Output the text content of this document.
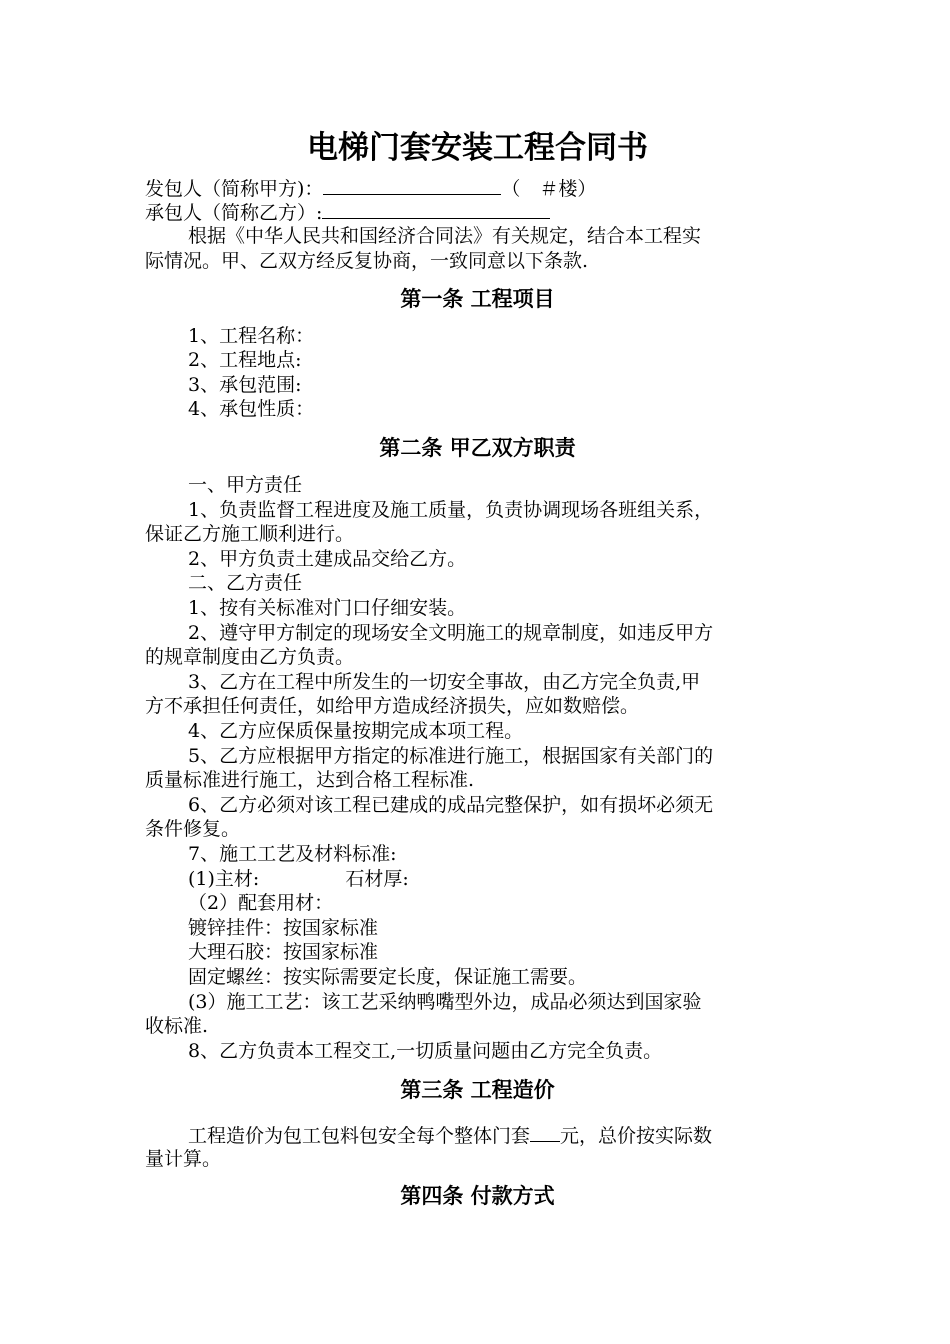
电梯门套安装工程合同书
发包人（简称甲方)：	（　＃楼）
承包人（简称乙方）:
根据《中华人民共和国经济合同法》有关规定，结合本工程实
际情况。甲、乙双方经反复协商，一致同意以下条款.
第一条 工程项目
1、工程名称：
2、工程地点:
3、承包范围:
4、承包性质：
第二条 甲乙双方职责
一、甲方责任
1、负责监督工程进度及施工质量，负责协调现场各班组关系，
保证乙方施工顺利进行。
2、甲方负责土建成品交给乙方。
二、乙方责任
1、按有关标准对门口仔细安装。
2、遵守甲方制定的现场安全文明施工的规章制度，如违反甲方
的规章制度由乙方负责。
3、乙方在工程中所发生的一切安全事故，由乙方完全负责,甲
方不承担任何责任，如给甲方造成经济损失，应如数赔偿。
4、乙方应保质保量按期完成本项工程。
5、乙方应根据甲方指定的标准进行施工，根据国家有关部门的
质量标准进行施工，达到合格工程标准.
6、乙方必须对该工程已建成的成品完整保护，如有损坏必须无
条件修复。
7、施工工艺及材料标准:
(1)主材:	石材厚:
（2）配套用材：
镀锌挂件：按国家标准
大理石胶：按国家标准
固定螺丝：按实际需要定长度，保证施工需要。
(3）施工工艺：该工艺采纳鸭嘴型外边，成品必须达到国家验
收标准.
8、乙方负责本工程交工,一切质量问题由乙方完全负责。
第三条 工程造价
工程造价为包工包料包安全每个整体门套 元，总价按实际数
量计算。
第四条 付款方式
